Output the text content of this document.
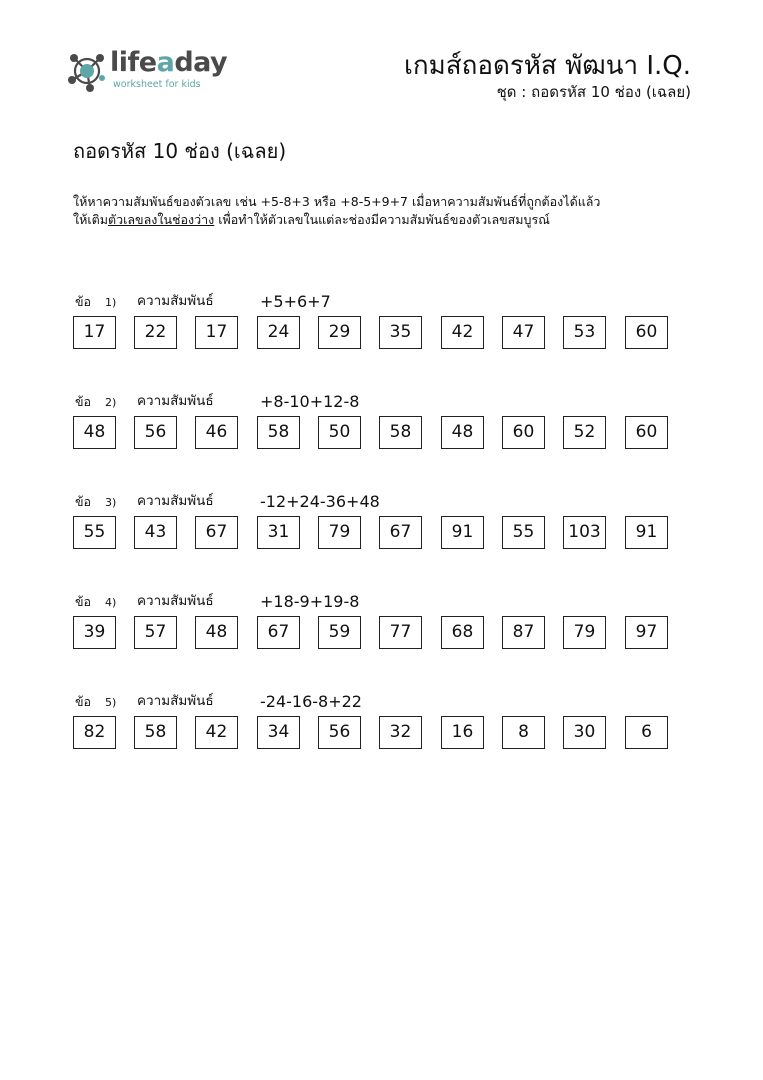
lifeaday
worksheet for kids
เกมส์ถอดรหัส พัฒนา I.Q.
ชุด : ถอดรหัส 10 ช่อง (เฉลย)
ถอดรหัส 10 ช่อง (เฉลย)
ให้หาความสัมพันธ์ของตัวเลข เช่น +5-8+3 หรือ +8-5+9+7 เมื่อหาความสัมพันธ์ที่ถูกต้องได้แล้ว
ให้เติมตัวเลขลงในช่องว่าง เพื่อทำให้ตัวเลขในแต่ละช่องมีความสัมพันธ์ของตัวเลขสมบูรณ์
ข้อ 1) ความสัมพันธ์	+5+6+7
17	22	17	24	29	35	42	47	53	60
ข้อ 2) ความสัมพันธ์	+8-10+12-8
48	56	46	58	50	58	48	60	52	60
ข้อ 3) ความสัมพันธ์	-12+24-36+48
55	43	67	31	79	67	91	55	103	91
ข้อ 4) ความสัมพันธ์	+18-9+19-8
39	57	48	67	59	77	68	87	79	97
ข้อ 5) ความสัมพันธ์	-24-16-8+22
82	58	42	34	56	32	16	8	30	6
